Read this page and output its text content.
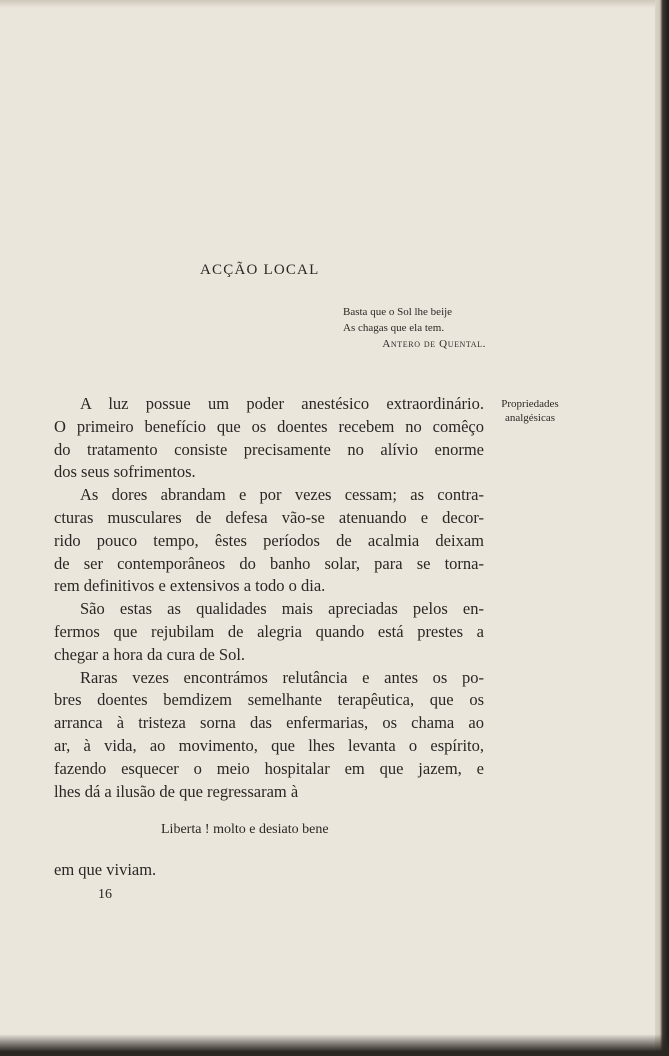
ACÇÃO LOCAL
Basta que o Sol lhe beije
As chagas que ela tem.
Antero de Quental.
Propriedades
analgésicas
A luz possue um poder anestésico extraordinário.
O primeiro benefício que os doentes recebem no comêço
do tratamento consiste precisamente no alívio enorme
dos seus sofrimentos.
As dores abrandam e por vezes cessam; as contra-
cturas musculares de defesa vão-se atenuando e decor-
rido pouco tempo, êstes períodos de acalmia deixam
de ser contemporâneos do banho solar, para se torna-
rem definitivos e extensivos a todo o dia.
São estas as qualidades mais apreciadas pelos en-
fermos que rejubilam de alegria quando está prestes a
chegar a hora da cura de Sol.
Raras vezes encontrámos relutância e antes os po-
bres doentes bemdizem semelhante terapêutica, que os
arranca à tristeza sorna das enfermarias, os chama ao
ar, à vida, ao movimento, que lhes levanta o espírito,
fazendo esquecer o meio hospitalar em que jazem, e
lhes dá a ilusão de que regressaram à
Liberta ! molto e desiato bene
em que viviam.
16
